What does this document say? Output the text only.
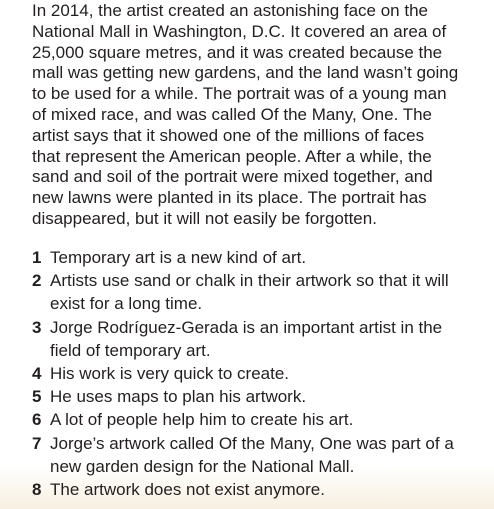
In 2014, the artist created an astonishing face on the
National Mall in Washington, D.C. It covered an area of
25,000 square metres, and it was created because the
mall was getting new gardens, and the land wasn’t going
to be used for a while. The portrait was of a young man
of mixed race, and was called Of the Many, One. The
artist says that it showed one of the millions of faces
that represent the American people. After a while, the
sand and soil of the portrait were mixed together, and
new lawns were planted in its place. The portrait has
disappeared, but it will not easily be forgotten.

1 Temporary art is a new kind of art.
2 Artists use sand or chalk in their artwork so that it will
exist for a long time.
3 Jorge Rodríguez-Gerada is an important artist in the
field of temporary art.
4 His work is very quick to create.
5 He uses maps to plan his artwork.
6 A lot of people help him to create his art.
7 Jorge’s artwork called Of the Many, One was part of a
new garden design for the National Mall.
8 The artwork does not exist anymore.
